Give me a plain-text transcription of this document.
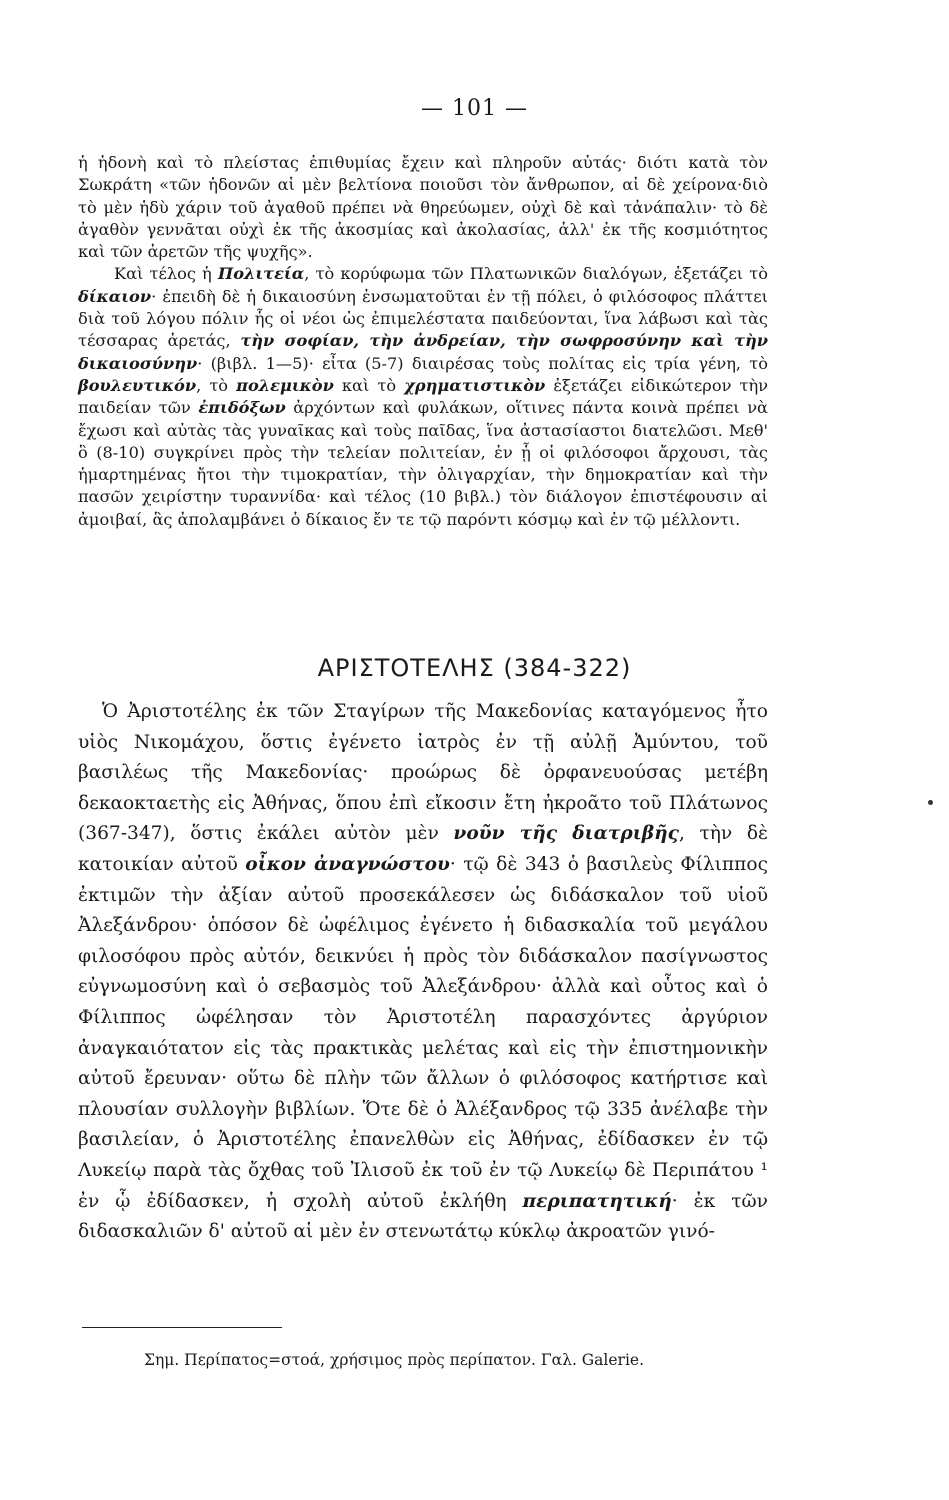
— 101 —

ἡ ἡδονὴ καὶ τὸ πλείστας ἐπιθυμίας ἔχειν καὶ πληροῦν αὐτάς· διότι κατὰ τὸν Σωκράτη «τῶν ἡδονῶν αἱ μὲν βελτίονα ποιοῦσι τὸν ἄνθρωπον, αἱ δὲ χείρονα·διὸ τὸ μὲν ἡδὺ χάριν τοῦ ἀγαθοῦ πρέπει νὰ θηρεύωμεν, οὐχὶ δὲ καὶ τἀνάπαλιν· τὸ δὲ ἀγαθὸν γεννᾶται οὐχὶ ἐκ τῆς ἀκοσμίας καὶ ἀκολασίας, ἀλλ' ἐκ τῆς κοσμιότητος καὶ τῶν ἀρετῶν τῆς ψυχῆς».

Καὶ τέλος ἡ Πολιτεία, τὸ κορύφωμα τῶν Πλατωνικῶν διαλόγων, ἐξετάζει τὸ δίκαιον· ἐπειδὴ δὲ ἡ δικαιοσύνη ἐνσωματοῦται ἐν τῇ πόλει, ὁ φιλόσοφος πλάττει διὰ τοῦ λόγου πόλιν ἧς οἱ νέοι ὡς ἐπιμελέστατα παιδεύονται, ἵνα λάβωσι καὶ τὰς τέσσαρας ἀρετάς, τὴν σοφίαν, τὴν ἀνδρείαν, τὴν σωφροσύνην καὶ τὴν δικαιοσύνην· (βιβλ. 1—5)· εἶτα (5-7) διαιρέσας τοὺς πολίτας εἰς τρία γένη, τὸ βουλευτικόν, τὸ πολεμικὸν καὶ τὸ χρηματιστικὸν ἐξετάζει εἰδικώτερον τὴν παιδείαν τῶν ἐπιδόξων ἀρχόντων καὶ φυλάκων, οἵτινες πάντα κοινὰ πρέπει νὰ ἔχωσι καὶ αὐτὰς τὰς γυναῖκας καὶ τοὺς παῖδας, ἵνα ἀστασίαστοι διατελῶσι. Μεθ' ὃ (8-10) συγκρίνει πρὸς τὴν τελείαν πολιτείαν, ἐν ᾗ οἱ φιλόσοφοι ἄρχουσι, τὰς ἡμαρτημένας ἤτοι τὴν τιμοκρατίαν, τὴν ὀλιγαρχίαν, τὴν δημοκρατίαν καὶ τὴν πασῶν χειρίστην τυραννίδα· καὶ τέλος (10 βιβλ.) τὸν διάλογον ἐπιστέφουσιν αἱ ἀμοιβαί, ἃς ἀπολαμβάνει ὁ δίκαιος ἔν τε τῷ παρόντι κόσμῳ καὶ ἐν τῷ μέλλοντι.

ΑΡΙΣΤΟΤΕΛΗΣ (384-322)

Ὁ Ἀριστοτέλης ἐκ τῶν Σταγίρων τῆς Μακεδονίας καταγόμενος ἦτο υἱὸς Νικομάχου, ὅστις ἐγένετο ἰατρὸς ἐν τῇ αὐλῇ Ἀμύντου, τοῦ βασιλέως τῆς Μακεδονίας· προώρως δὲ ὀρφανευούσας μετέβη δεκαοκταετὴς εἰς Ἀθήνας, ὅπου ἐπὶ εἴκοσιν ἔτη ἠκροᾶτο τοῦ Πλάτωνος (367-347), ὅστις ἐκάλει αὐτὸν μὲν νοῦν τῆς διατριβῆς, τὴν δὲ κατοικίαν αὐτοῦ οἶκον ἀναγνώστου· τῷ δὲ 343 ὁ βασιλεὺς Φίλιππος ἐκτιμῶν τὴν ἀξίαν αὐτοῦ προσεκάλεσεν ὡς διδάσκαλον τοῦ υἱοῦ Ἀλεξάνδρου· ὁπόσον δὲ ὠφέλιμος ἐγένετο ἡ διδασκαλία τοῦ μεγάλου φιλοσόφου πρὸς αὐτόν, δεικνύει ἡ πρὸς τὸν διδάσκαλον πασίγνωστος εὐγνωμοσύνη καὶ ὁ σεβασμὸς τοῦ Ἀλεξάνδρου· ἀλλὰ καὶ οὗτος καὶ ὁ Φίλιππος ὠφέλησαν τὸν Ἀριστοτέλη παρασχόντες ἀργύριον ἀναγκαιότατον εἰς τὰς πρακτικὰς μελέτας καὶ εἰς τὴν ἐπιστημονικὴν αὐτοῦ ἔρευναν· οὕτω δὲ πλὴν τῶν ἄλλων ὁ φιλόσοφος κατήρτισε καὶ πλουσίαν συλλογὴν βιβλίων. Ὅτε δὲ ὁ Ἀλέξανδρος τῷ 335 ἀνέλαβε τὴν βασιλείαν, ὁ Ἀριστοτέλης ἐπανελθὼν εἰς Ἀθήνας, ἐδίδασκεν ἐν τῷ Λυκείῳ παρὰ τὰς ὄχθας τοῦ Ἰλισοῦ ἐκ τοῦ ἐν τῷ Λυκείῳ δὲ Περιπάτου ¹ ἐν ᾧ ἐδίδασκεν, ἡ σχολὴ αὐτοῦ ἐκλήθη περιπατητική· ἐκ τῶν διδασκαλιῶν δ' αὐτοῦ αἱ μὲν ἐν στενωτάτῳ κύκλῳ ἀκροατῶν γινό-

Σημ. Περίπατος=στοά, χρήσιμος πρὸς περίπατον. Γαλ. Galerie.
